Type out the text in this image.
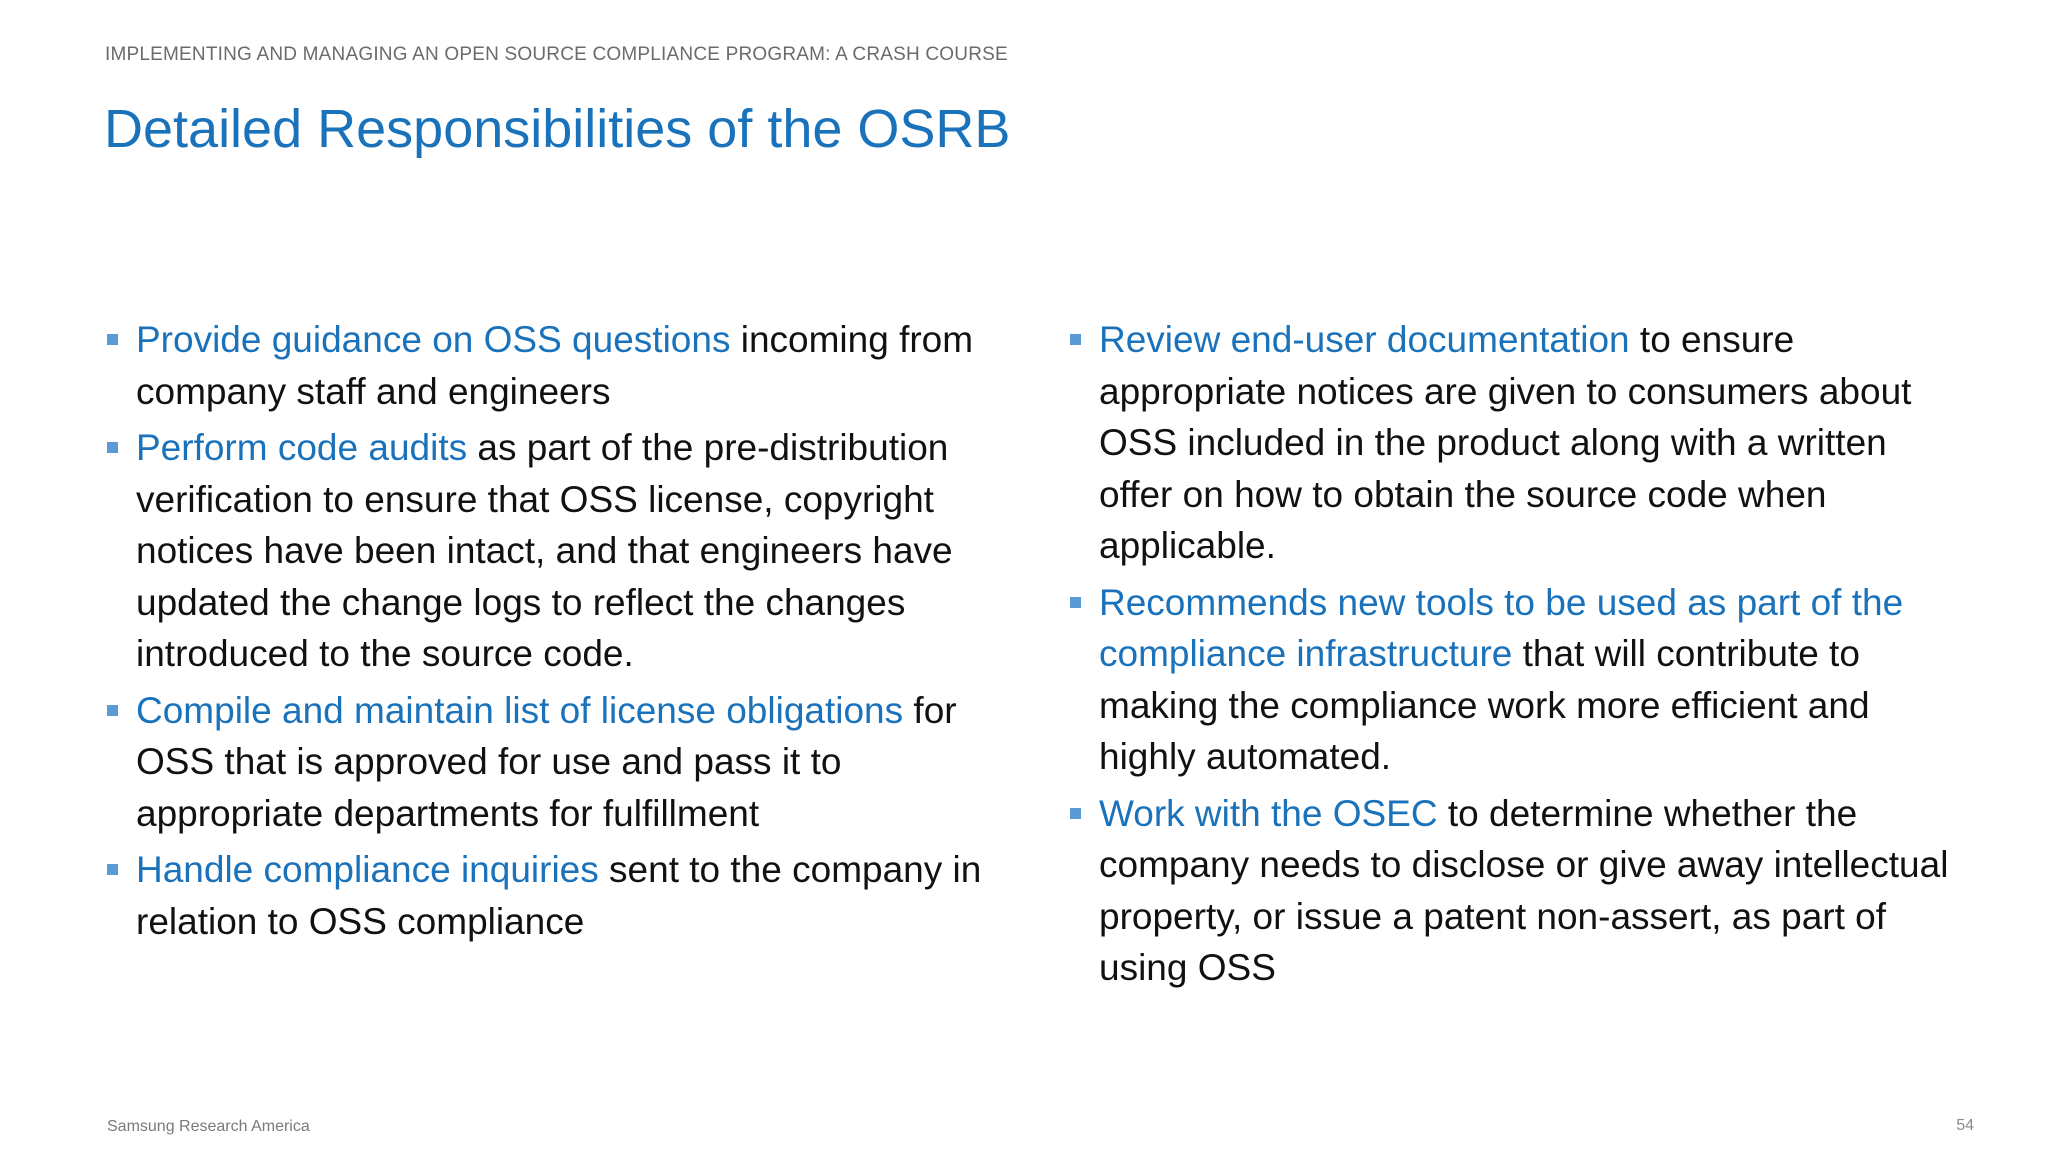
IMPLEMENTING AND MANAGING AN OPEN SOURCE COMPLIANCE PROGRAM: A CRASH COURSE
Detailed Responsibilities of the OSRB
Provide guidance on OSS questions incoming from company staff and engineers
Perform code audits as part of the pre-distribution verification to ensure that OSS license, copyright notices have been intact, and that engineers have updated the change logs to reflect the changes introduced to the source code.
Compile and maintain list of license obligations for OSS that is approved for use and pass it to appropriate departments for fulfillment
Handle compliance inquiries sent to the company in relation to OSS compliance
Review end-user documentation to ensure appropriate notices are given to consumers about OSS included in the product along with a written offer on how to obtain the source code when applicable.
Recommends new tools to be used as part of the compliance infrastructure that will contribute to making the compliance work more efficient and highly automated.
Work with the OSEC to determine whether the company needs to disclose or give away intellectual property, or issue a patent non-assert, as part of using OSS
Samsung Research America	54
